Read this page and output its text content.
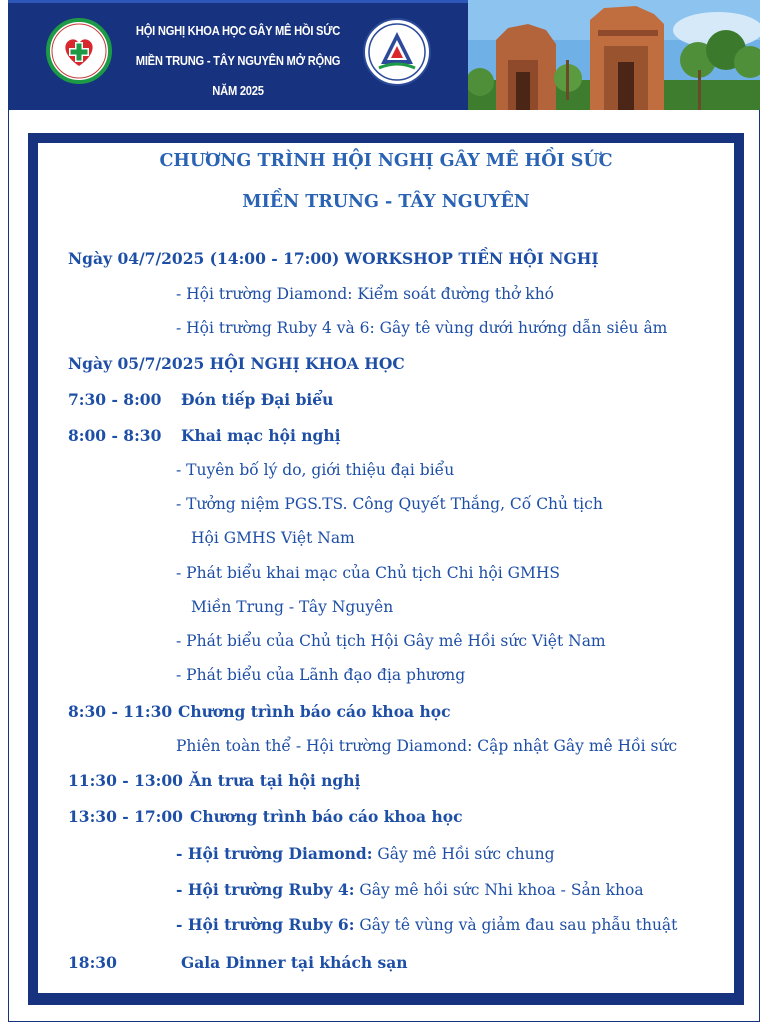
HỘI NGHỊ KHOA HỌC GÂY MÊ HỒI SỨC
MIỀN TRUNG - TÂY NGUYÊN MỞ RỘNG NĂM 2025
CHƯƠNG TRÌNH HỘI NGHỊ GÂY MÊ HỒI SỨC
MIỀN TRUNG - TÂY NGUYÊN
Ngày 04/7/2025 (14:00 - 17:00) WORKSHOP TIỀN HỘI NGHỊ
- Hội trường Diamond: Kiểm soát đường thở khó
- Hội trường Ruby 4 và 6: Gây tê vùng dưới hướng dẫn siêu âm
Ngày 05/7/2025 HỘI NGHỊ KHOA HỌC
7:30 - 8:00 Đón tiếp Đại biểu
8:00 - 8:30 Khai mạc hội nghị
- Tuyên bố lý do, giới thiệu đại biểu
- Tưởng niệm PGS.TS. Công Quyết Thắng, Cố Chủ tịch
Hội GMHS Việt Nam
- Phát biểu khai mạc của Chủ tịch Chi hội GMHS
Miền Trung - Tây Nguyên
- Phát biểu của Chủ tịch Hội Gây mê Hồi sức Việt Nam
- Phát biểu của Lãnh đạo địa phương
8:30 - 11:30 Chương trình báo cáo khoa học
Phiên toàn thể - Hội trường Diamond: Cập nhật Gây mê Hồi sức
11:30 - 13:00 Ăn trưa tại hội nghị
13:30 - 17:00 Chương trình báo cáo khoa học
- Hội trường Diamond: Gây mê Hồi sức chung
- Hội trường Ruby 4: Gây mê hồi sức Nhi khoa - Sản khoa
- Hội trường Ruby 6: Gây tê vùng và giảm đau sau phẫu thuật
18:30	Gala Dinner tại khách sạn
